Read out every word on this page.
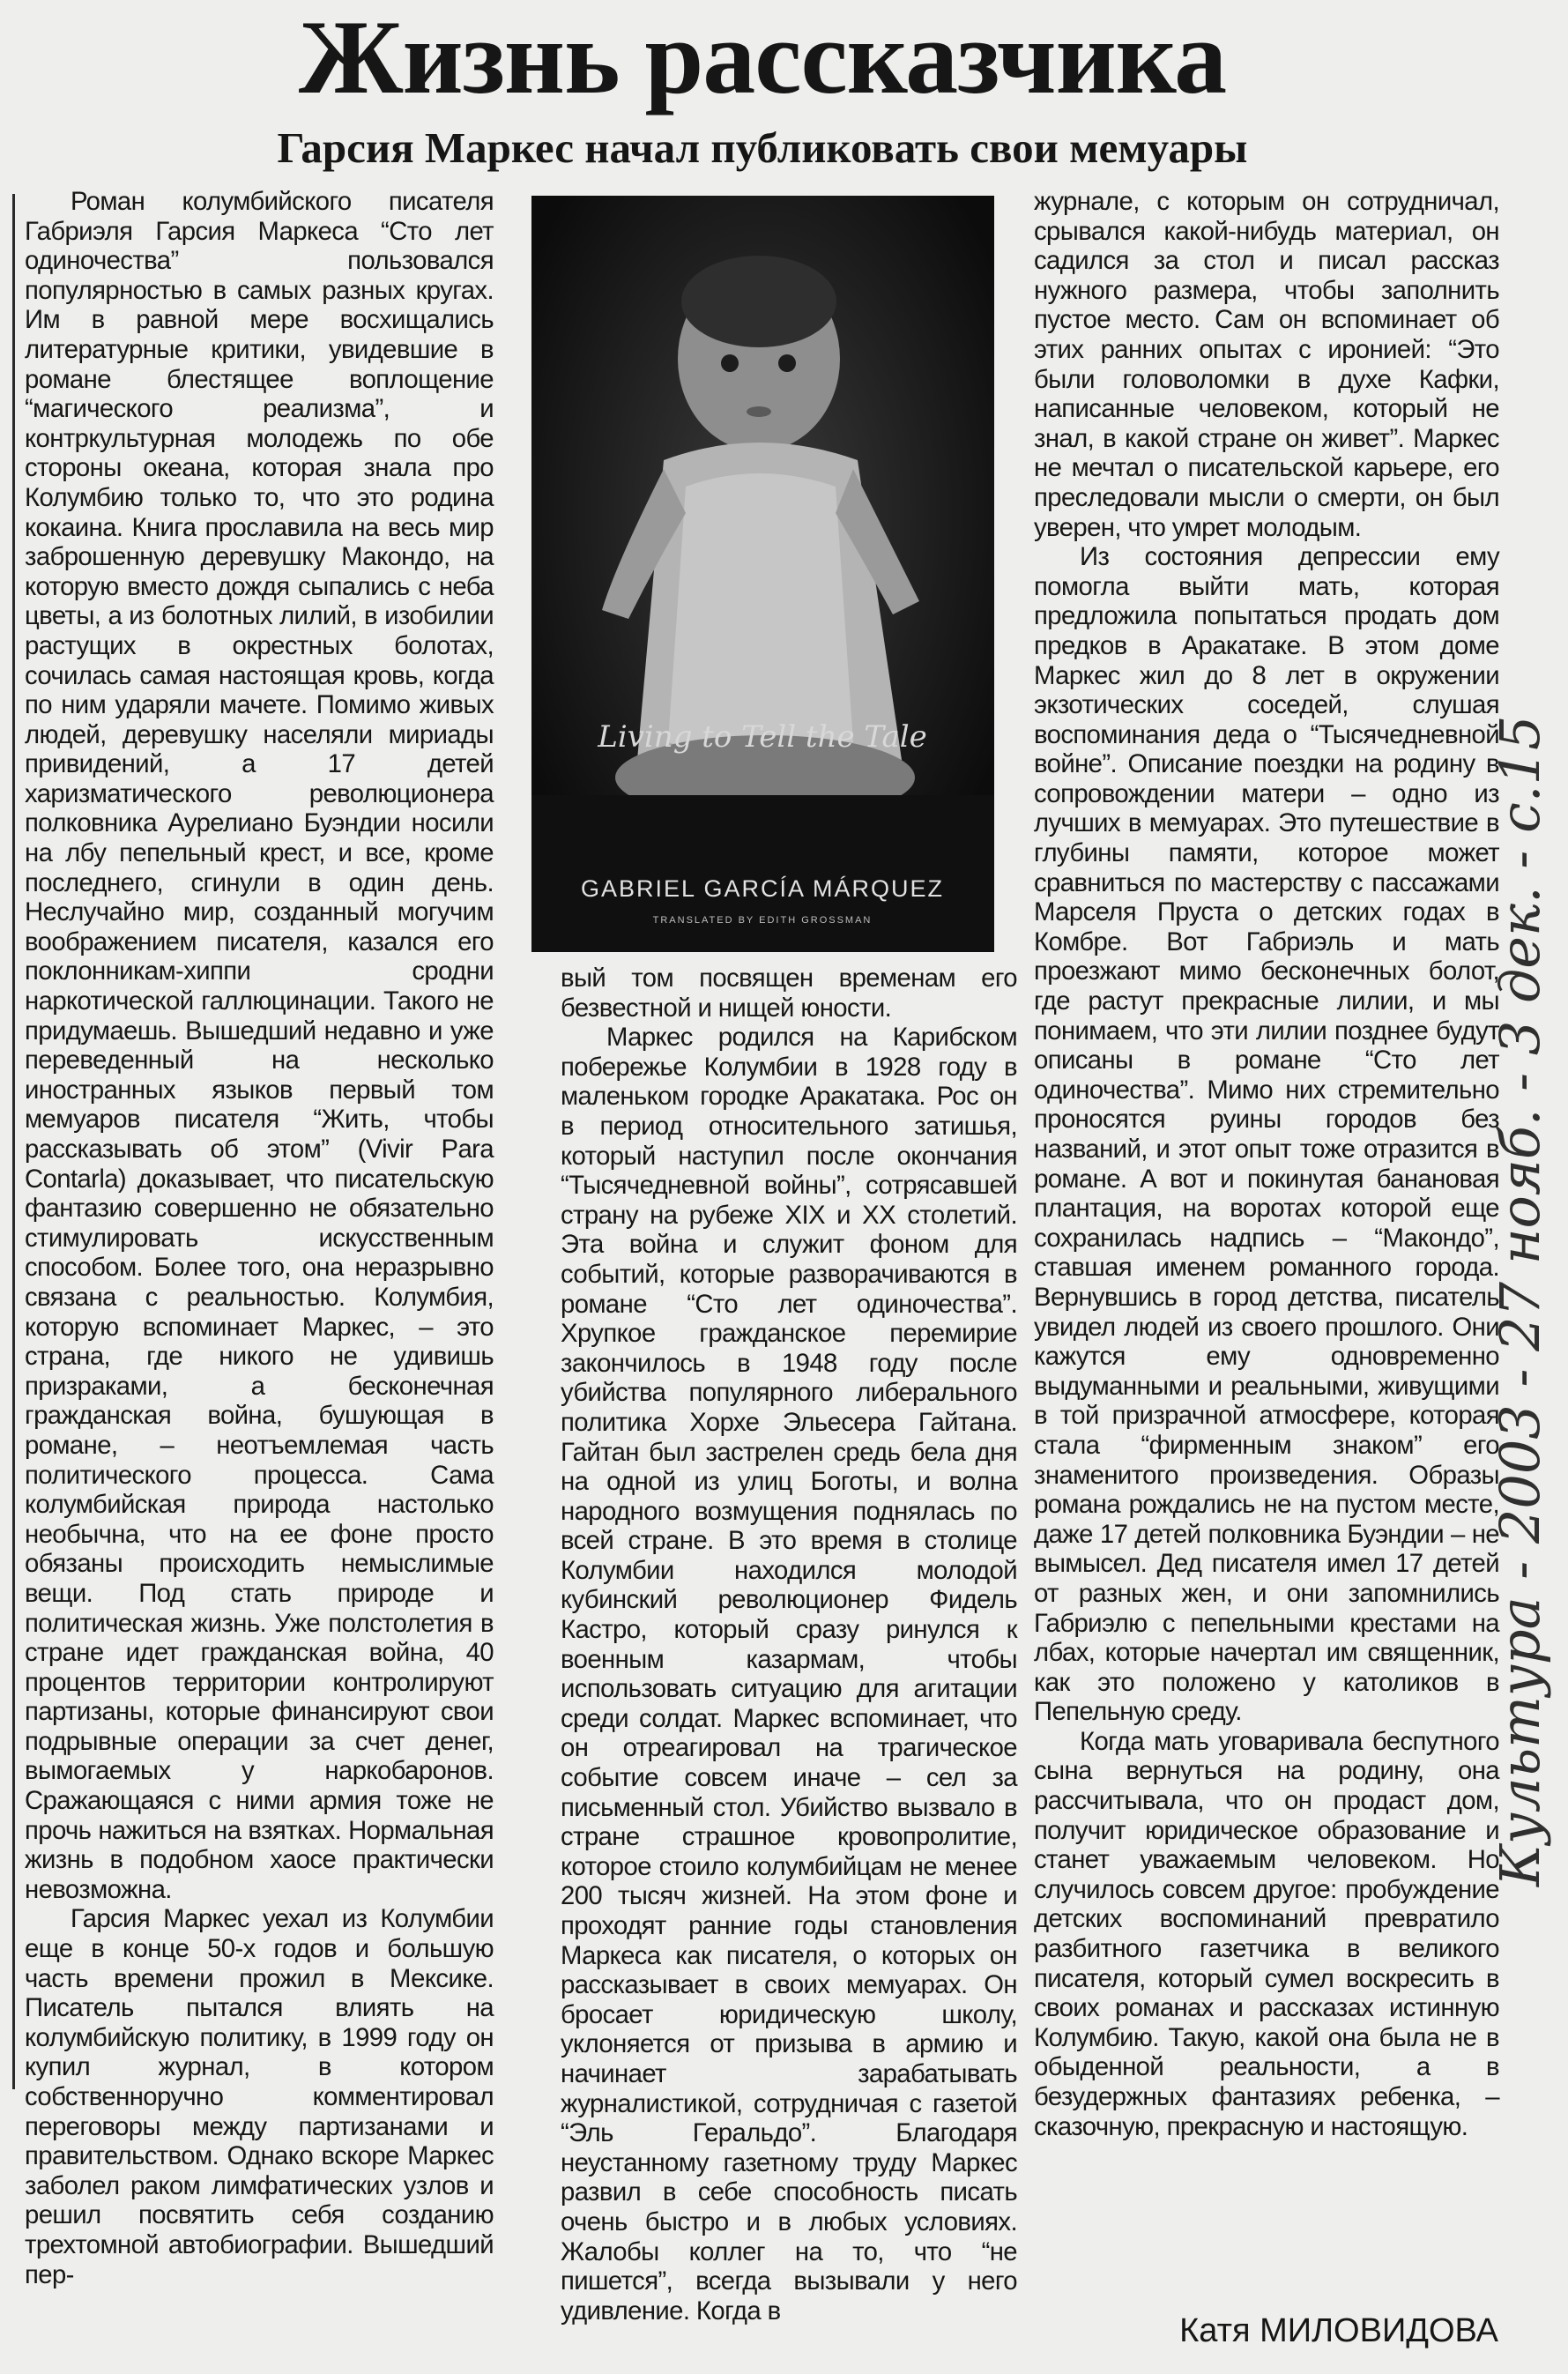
Жизнь рассказчика
Гарсия Маркес начал публиковать свои мемуары
Living to Tell the Tale
GABRIEL GARCÍA MÁRQUEZ
TRANSLATED BY EDITH GROSSMAN

Роман колумбийского писателя Габриэля Гарсия Маркеса “Сто лет одиночества” пользовался популярностью в самых разных кругах. Им в равной мере восхищались литературные критики, увидевшие в романе блестящее воплощение “магического реализма”, и контркультурная молодежь по обе стороны океана, которая знала про Колумбию только то, что это родина кокаина. Книга прославила на весь мир заброшенную деревушку Макондо, на которую вместо дождя сыпались с неба цветы, а из болотных лилий, в изобилии растущих в окрестных болотах, сочилась самая настоящая кровь, когда по ним ударяли мачете. Помимо живых людей, деревушку населяли мириады привидений, а 17 детей харизматического революционера полковника Аурелиано Буэндии носили на лбу пепельный крест, и все, кроме последнего, сгинули в один день. Неслучайно мир, созданный могучим воображением писателя, казался его поклонникам-хиппи сродни наркотической галлюцинации. Такого не придумаешь. Вышедший недавно и уже переведенный на несколько иностранных языков первый том мемуаров писателя “Жить, чтобы рассказывать об этом” (Vivir Para Contarla) доказывает, что писательскую фантазию совершенно не обязательно стимулировать искусственным способом. Более того, она неразрывно связана с реальностью. Колумбия, которую вспоминает Маркес, – это страна, где никого не удивишь призраками, а бесконечная гражданская война, бушующая в романе, – неотъемлемая часть политического процесса. Сама колумбийская природа настолько необычна, что на ее фоне просто обязаны происходить немыслимые вещи. Под стать природе и политическая жизнь. Уже полстолетия в стране идет гражданская война, 40 процентов территории контролируют партизаны, которые финансируют свои подрывные операции за счет денег, вымогаемых у наркобаронов. Сражающаяся с ними армия тоже не прочь нажиться на взятках. Нормальная жизнь в подобном хаосе практически невозможна.

Гарсия Маркес уехал из Колумбии еще в конце 50-х годов и большую часть времени прожил в Мексике. Писатель пытался влиять на колумбийскую политику, в 1999 году он купил журнал, в котором собственноручно комментировал переговоры между партизанами и правительством. Однако вскоре Маркес заболел раком лимфатических узлов и решил посвятить себя созданию трехтомной автобиографии. Вышедший пер-

вый том посвящен временам его безвестной и нищей юности.

Маркес родился на Карибском побережье Колумбии в 1928 году в маленьком городке Аракатака. Рос он в период относительного затишья, который наступил после окончания “Тысячедневной войны”, сотрясавшей страну на рубеже XIX и XX столетий. Эта война и служит фоном для событий, которые разворачиваются в романе “Сто лет одиночества”. Хрупкое гражданское перемирие закончилось в 1948 году после убийства популярного либерального политика Хорхе Эльесера Гайтана. Гайтан был застрелен средь бела дня на одной из улиц Боготы, и волна народного возмущения поднялась по всей стране. В это время в столице Колумбии находился молодой кубинский революционер Фидель Кастро, который сразу ринулся к военным казармам, чтобы использовать ситуацию для агитации среди солдат. Маркес вспоминает, что он отреагировал на трагическое событие совсем иначе – сел за письменный стол. Убийство вызвало в стране страшное кровопролитие, которое стоило колумбийцам не менее 200 тысяч жизней. На этом фоне и проходят ранние годы становления Маркеса как писателя, о которых он рассказывает в своих мемуарах. Он бросает юридическую школу, уклоняется от призыва в армию и начинает зарабатывать журналистикой, сотрудничая с газетой “Эль Геральдо”. Благодаря неустанному газетному труду Маркес развил в себе способность писать очень быстро и в любых условиях. Жалобы коллег на то, что “не пишется”, всегда вызывали у него удивление. Когда в

журнале, с которым он сотрудничал, срывался какой-нибудь материал, он садился за стол и писал рассказ нужного размера, чтобы заполнить пустое место. Сам он вспоминает об этих ранних опытах с иронией: “Это были головоломки в духе Кафки, написанные человеком, который не знал, в какой стране он живет”. Маркес не мечтал о писательской карьере, его преследовали мысли о смерти, он был уверен, что умрет молодым.

Из состояния депрессии ему помогла выйти мать, которая предложила попытаться продать дом предков в Аракатаке. В этом доме Маркес жил до 8 лет в окружении экзотических соседей, слушая воспоминания деда о “Тысячедневной войне”. Описание поездки на родину в сопровождении матери – одно из лучших в мемуарах. Это путешествие в глубины памяти, которое может сравниться по мастерству с пассажами Марселя Пруста о детских годах в Комбре. Вот Габриэль и мать проезжают мимо бесконечных болот, где растут прекрасные лилии, и мы понимаем, что эти лилии позднее будут описаны в романе “Сто лет одиночества”. Мимо них стремительно проносятся руины городов без названий, и этот опыт тоже отразится в романе. А вот и покинутая банановая плантация, на воротах которой еще сохранилась надпись – “Макондо”, ставшая именем романного города. Вернувшись в город детства, писатель увидел людей из своего прошлого. Они кажутся ему одновременно выдуманными и реальными, живущими в той призрачной атмосфере, которая стала “фирменным знаком” его знаменитого произведения. Образы романа рождались не на пустом месте, даже 17 детей полковника Буэндии – не вымысел. Дед писателя имел 17 детей от разных жен, и они запомнились Габриэлю с пепельными крестами на лбах, которые начертал им священник, как это положено у католиков в Пепельную среду.

Когда мать уговаривала беспутного сына вернуться на родину, она рассчитывала, что он продаст дом, получит юридическое образование и станет уважаемым человеком. Но случилось совсем другое: пробуждение детских воспоминаний превратило разбитного газетчика в великого писателя, который сумел воскресить в своих романах и рассказах истинную Колумбию. Такую, какой она была не в обыденной реальности, а в безудержных фантазиях ребенка, – сказочную, прекрасную и настоящую.

Катя МИЛОВИДОВА
Культура - 2003 - 27 нояб. - 3 дек. - с.15
